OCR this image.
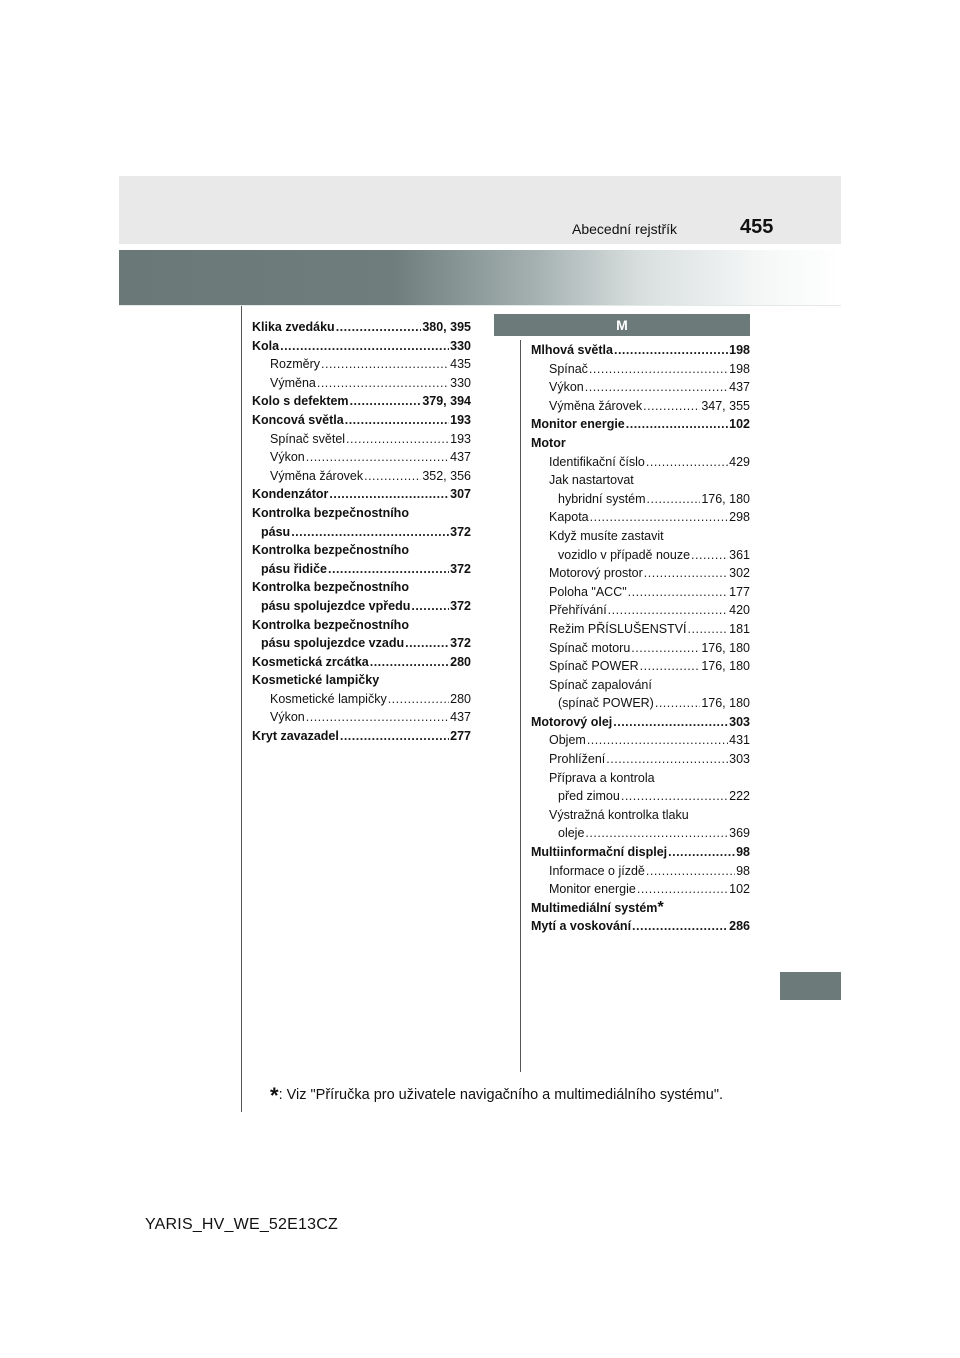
Abecední rejstřík	455
M
Klika zvedáku .....	380, 395
Kola .....	330
Rozměry .....	435
Výměna .....	330
Kolo s defektem .....	379, 394
Koncová světla .....	193
Spínač světel .....	193
Výkon .....	437
Výměna žárovek .....	352, 356
Kondenzátor .....	307
Kontrolka bezpečnostního
pásu .....	372
Kontrolka bezpečnostního
pásu řidiče .....	372
Kontrolka bezpečnostního
pásu spolujezdce vpředu .....	372
Kontrolka bezpečnostního
pásu spolujezdce vzadu .....	372
Kosmetická zrcátka .....	280
Kosmetické lampičky
Kosmetické lampičky .....	280
Výkon .....	437
Kryt zavazadel .....	277
Mlhová světla .....	198
Spínač .....	198
Výkon .....	437
Výměna žárovek .....	347, 355
Monitor energie .....	102
Motor
Identifikační číslo .....	429
Jak nastartovat
hybridní systém .....	176, 180
Kapota .....	298
Když musíte zastavit
vozidlo v případě nouze .....	361
Motorový prostor .....	302
Poloha "ACC" .....	177
Přehřívání .....	420
Režim PŘÍSLUŠENSTVÍ .....	181
Spínač motoru .....	176, 180
Spínač POWER .....	176, 180
Spínač zapalování
(spínač POWER) .....	176, 180
Motorový olej .....	303
Objem .....	431
Prohlížení .....	303
Příprava a kontrola
před zimou .....	222
Výstražná kontrolka tlaku
oleje .....	369
Multiinformační displej .....	98
Informace o jízdě .....	98
Monitor energie .....	102
Multimediální systém *
Mytí a voskování .....	286
*: Viz "Příručka pro uživatele navigačního a multimediálního systému".
YARIS_HV_WE_52E13CZ
